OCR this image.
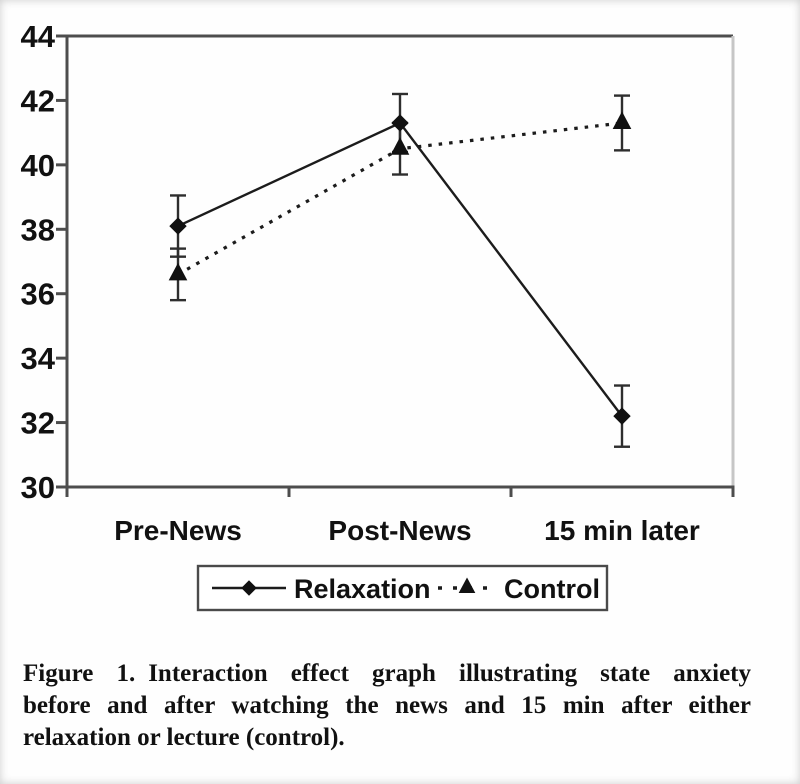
30
32
34
36
38
40
42
44
Pre-News	Post-News	15 min later
Relaxation	Control
Figure 1. Interaction effect graph illustrating state anxiety
before and after watching the news and 15 min after either
relaxation or lecture (control).
